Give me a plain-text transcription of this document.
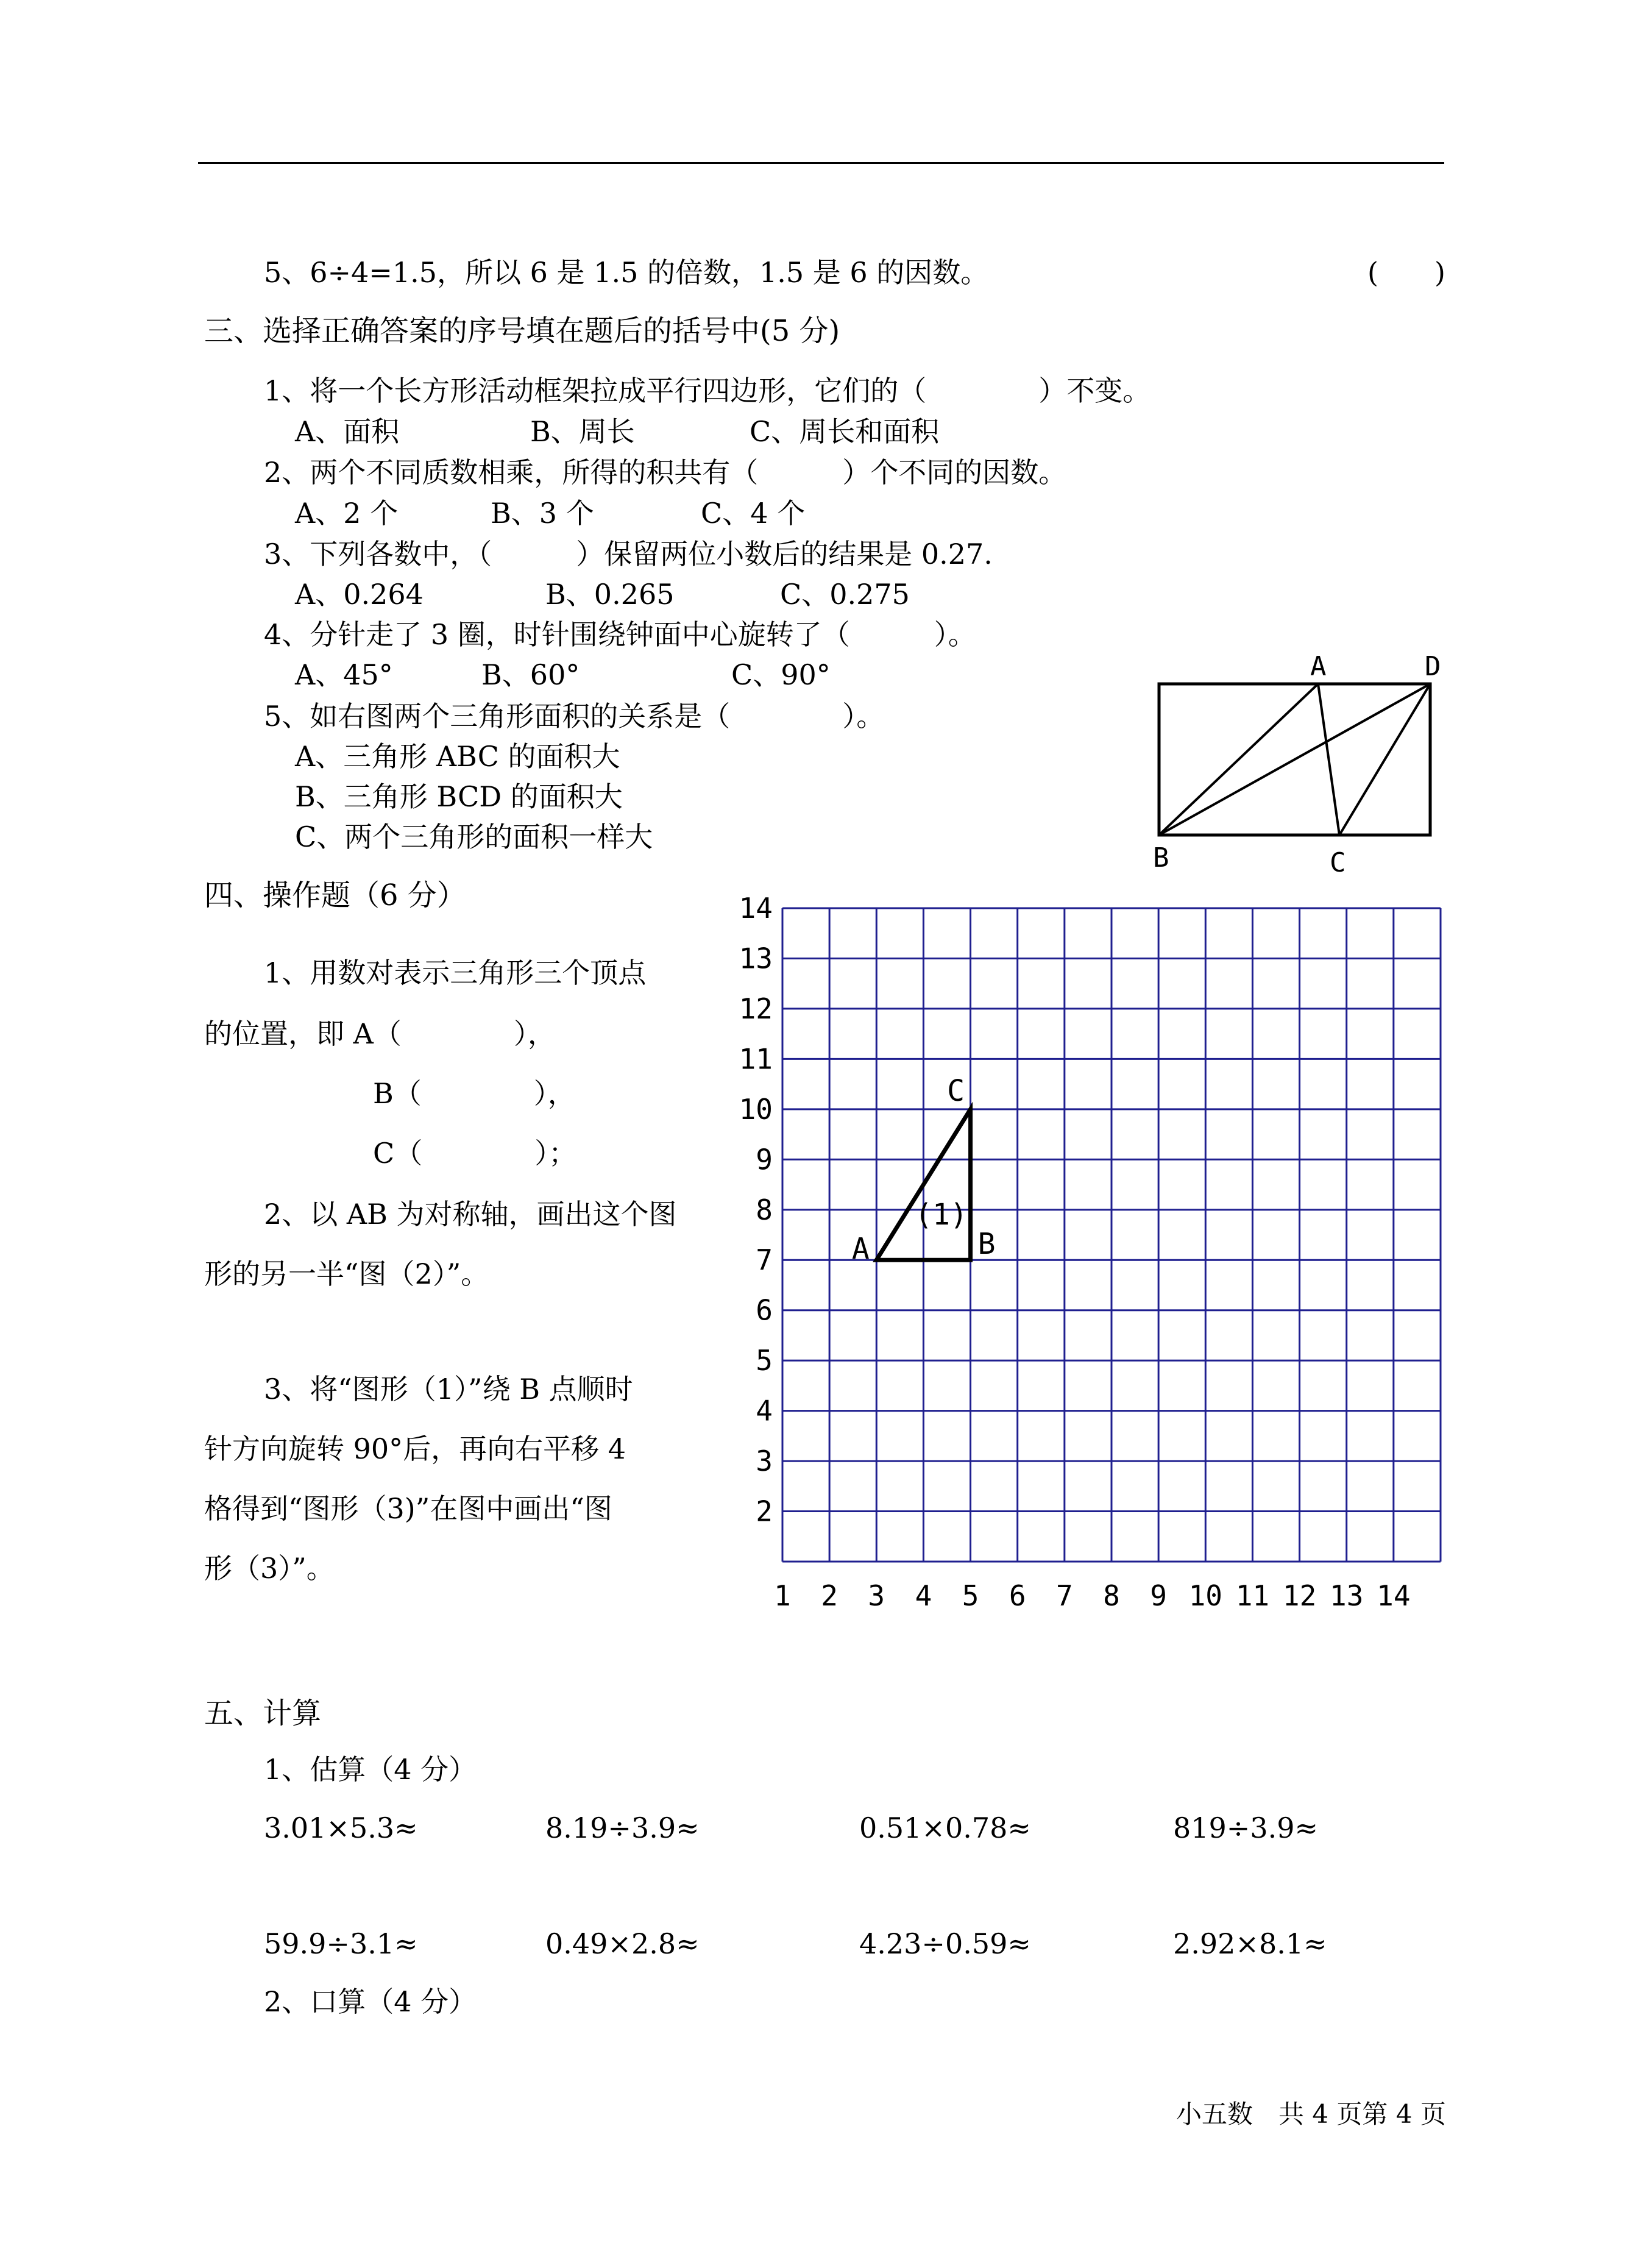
5、6÷4=1.5，所以 6 是 1.5 的倍数，1.5 是 6 的因数。	(　　)
三、选择正确答案的序号填在题后的括号中(5 分)
1、将一个长方形活动框架拉成平行四边形，它们的（　　　　）不变。
A、面积	B、周长	C、周长和面积
2、两个不同质数相乘，所得的积共有（　　　）个不同的因数。
A、2 个	B、3 个	C、4 个
3、下列各数中，（　　　）保留两位小数后的结果是 0.27.
A、0.264	B、0.265	C、0.275
4、分针走了 3 圈，时针围绕钟面中心旋转了（　　　）。
A、45°	B、60°	C、90°
5、如右图两个三角形面积的关系是（　　　　）。
A、三角形 ABC 的面积大
B、三角形 BCD 的面积大
C、两个三角形的面积一样大
A	D
B	C
四、操作题（6 分）
1、用数对表示三角形三个顶点
的位置，即 A（　　　　），
B（　　　　），
C（　　　　）；
2、以 AB 为对称轴，画出这个图
形的另一半“图（2）”。
3、将“图形（1）”绕 B 点顺时
针方向旋转 90°后，再向右平移 4
格得到“图形（3)”在图中画出“图
形（3）”。
1 2 3 4 5 6 7 8 9 10 11 12 13 14
14
13
12
11
10
9
8
7
6
5
4
3
2
C
A	B
(1)
五、计算
1、估算（4 分）
3.01×5.3≈	8.19÷3.9≈	0.51×0.78≈	819÷3.9≈
59.9÷3.1≈	0.49×2.8≈	4.23÷0.59≈	2.92×8.1≈
2、口算（4 分）
小五数　共 4 页第 4 页
